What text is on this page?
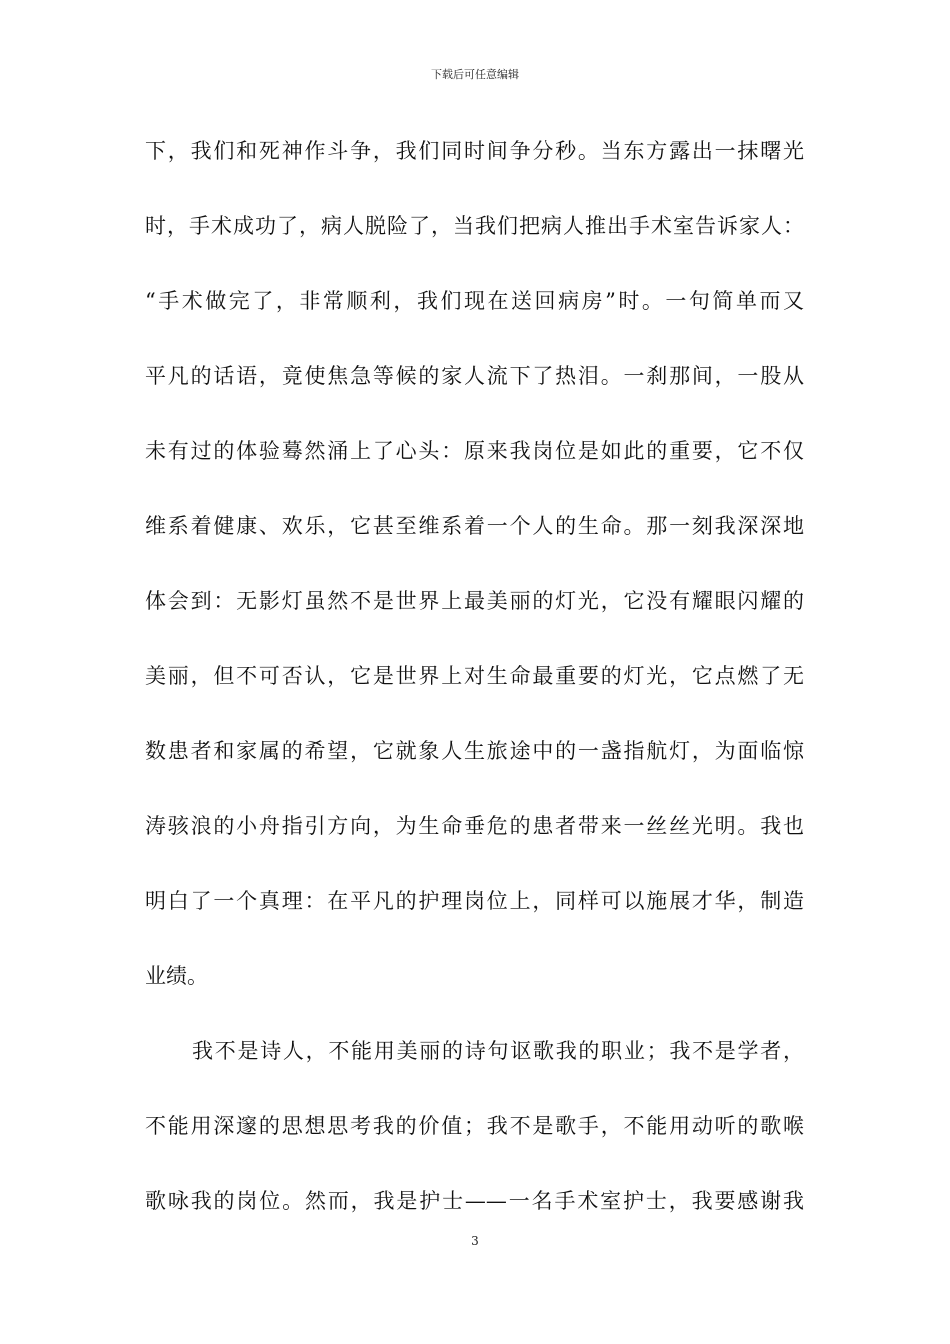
下载后可任意编辑
下，我们和死神作斗争，我们同时间争分秒。当东方露出一抹曙光
时，手术成功了，病人脱险了，当我们把病人推出手术室告诉家人：
“手术做完了，非常顺利，我们现在送回病房”时。一句简单而又
平凡的话语，竟使焦急等候的家人流下了热泪。一刹那间，一股从
未有过的体验蓦然涌上了心头：原来我岗位是如此的重要，它不仅
维系着健康、欢乐，它甚至维系着一个人的生命。那一刻我深深地
体会到：无影灯虽然不是世界上最美丽的灯光，它没有耀眼闪耀的
美丽，但不可否认，它是世界上对生命最重要的灯光，它点燃了无
数患者和家属的希望，它就象人生旅途中的一盏指航灯，为面临惊
涛骇浪的小舟指引方向，为生命垂危的患者带来一丝丝光明。我也
明白了一个真理：在平凡的护理岗位上，同样可以施展才华，制造
业绩。
我不是诗人，不能用美丽的诗句讴歌我的职业；我不是学者，
不能用深邃的思想思考我的价值；我不是歌手，不能用动听的歌喉
歌咏我的岗位。然而，我是护士——一名手术室护士，我要感谢我
3
